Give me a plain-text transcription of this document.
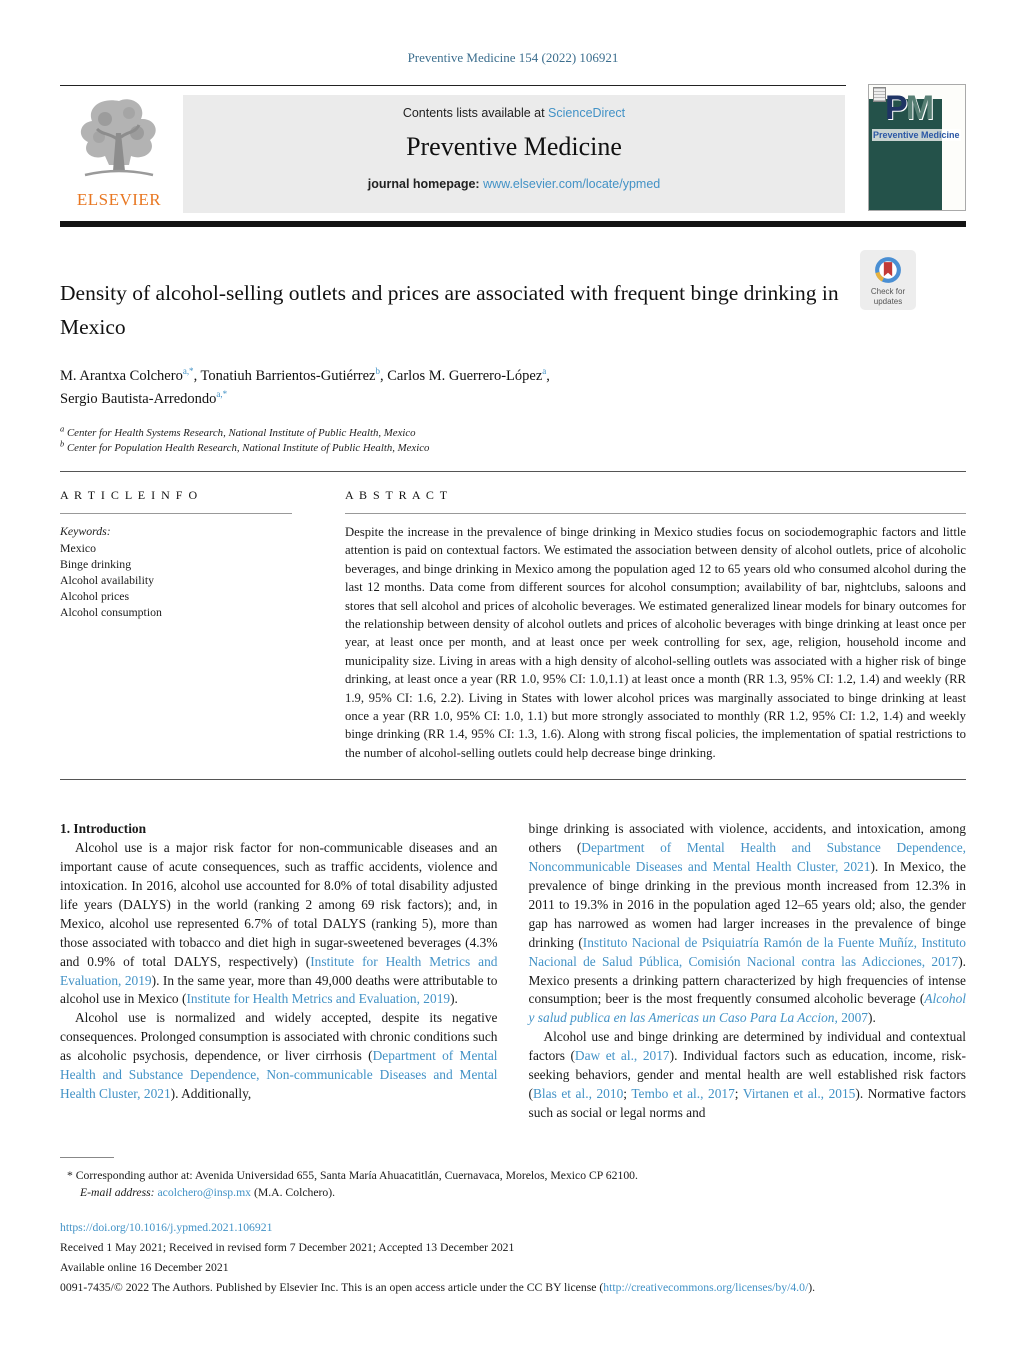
Preventive Medicine 154 (2022) 106921
ELSEVIER
Contents lists available at ScienceDirect
Preventive Medicine
journal homepage: www.elsevier.com/locate/ypmed
PM
Preventive Medicine
Check for
updates
Density of alcohol-selling outlets and prices are associated with frequent binge drinking in Mexico
M. Arantxa Colchero$^{a,*}$, Tonatiuh Barrientos-Gutiérrez$^b$, Carlos M. Guerrero-López$^a$,
Sergio Bautista-Arredondo$^{a,*}$
$^a$ Center for Health Systems Research, National Institute of Public Health, Mexico
$^b$ Center for Population Health Research, National Institute of Public Health, Mexico
A R T I C L E I N F O
Keywords:
Mexico
Binge drinking
Alcohol availability
Alcohol prices
Alcohol consumption
A B S T R A C T

Despite the increase in the prevalence of binge drinking in Mexico studies focus on sociodemographic factors and little attention is paid on contextual factors. We estimated the association between density of alcohol outlets, price of alcoholic beverages, and binge drinking in Mexico among the population aged 12 to 65 years old who consumed alcohol during the last 12 months. Data come from different sources for alcohol consumption; availability of bar, nightclubs, saloons and stores that sell alcohol and prices of alcoholic beverages. We estimated generalized linear models for binary outcomes for the relationship between density of alcohol outlets and prices of alcoholic beverages with binge drinking at least once per year, at least once per month, and at least once per week controlling for sex, age, religion, household income and municipality size. Living in areas with a high density of alcohol-selling outlets was associated with a higher risk of binge drinking, at least once a year (RR 1.0, 95% CI: 1.0,1.1) at least once a month (RR 1.3, 95% CI: 1.2, 1.4) and weekly (RR 1.9, 95% CI: 1.6, 2.2). Living in States with lower alcohol prices was marginally associated to binge drinking at least once a year (RR 1.0, 95% CI: 1.0, 1.1) but more strongly associated to monthly (RR 1.2, 95% CI: 1.2, 1.4) and weekly binge drinking (RR 1.4, 95% CI: 1.3, 1.6). Along with strong fiscal policies, the implementation of spatial restrictions to the number of alcohol-selling outlets could help decrease binge drinking.

1. Introduction

Alcohol use is a major risk factor for non-communicable diseases and an important cause of acute consequences, such as traffic accidents, violence and intoxication. In 2016, alcohol use accounted for 8.0% of total disability adjusted life years (DALYS) in the world (ranking 2 among 69 risk factors); and, in Mexico, alcohol use represented 6.7% of total DALYS (ranking 5), more than those associated with tobacco and diet high in sugar-sweetened beverages (4.3% and 0.9% of total DALYS, respectively) (Institute for Health Metrics and Evaluation, 2019). In the same year, more than 49,000 deaths were attributable to alcohol use in Mexico (Institute for Health Metrics and Evaluation, 2019).

Alcohol use is normalized and widely accepted, despite its negative consequences. Prolonged consumption is associated with chronic conditions such as alcoholic psychosis, dependence, or liver cirrhosis (Department of Mental Health and Substance Dependence, Non-communicable Diseases and Mental Health Cluster, 2021). Additionally,

binge drinking is associated with violence, accidents, and intoxication, among others (Department of Mental Health and Substance Dependence, Noncommunicable Diseases and Mental Health Cluster, 2021). In Mexico, the prevalence of binge drinking in the previous month increased from 12.3% in 2011 to 19.3% in 2016 in the population aged 12–65 years old; also, the gender gap has narrowed as women had larger increases in the prevalence of binge drinking (Instituto Nacional de Psiquiatría Ramón de la Fuente Muñíz, Instituto Nacional de Salud Pública, Comisión Nacional contra las Adicciones, 2017). Mexico presents a drinking pattern characterized by high frequencies of intense consumption; beer is the most frequently consumed alcoholic beverage (Alcohol y salud publica en las Americas un Caso Para La Accion, 2007).

Alcohol use and binge drinking are determined by individual and contextual factors (Daw et al., 2017). Individual factors such as education, income, risk-seeking behaviors, gender and mental health are well established risk factors (Blas et al., 2010; Tembo et al., 2017; Virtanen et al., 2015). Normative factors such as social or legal norms and

* Corresponding author at: Avenida Universidad 655, Santa María Ahuacatitlán, Cuernavaca, Morelos, Mexico CP 62100.
E-mail address: acolchero@insp.mx (M.A. Colchero).
https://doi.org/10.1016/j.ypmed.2021.106921
Received 1 May 2021; Received in revised form 7 December 2021; Accepted 13 December 2021
Available online 16 December 2021
0091-7435/© 2022 The Authors. Published by Elsevier Inc. This is an open access article under the CC BY license (http://creativecommons.org/licenses/by/4.0/).
